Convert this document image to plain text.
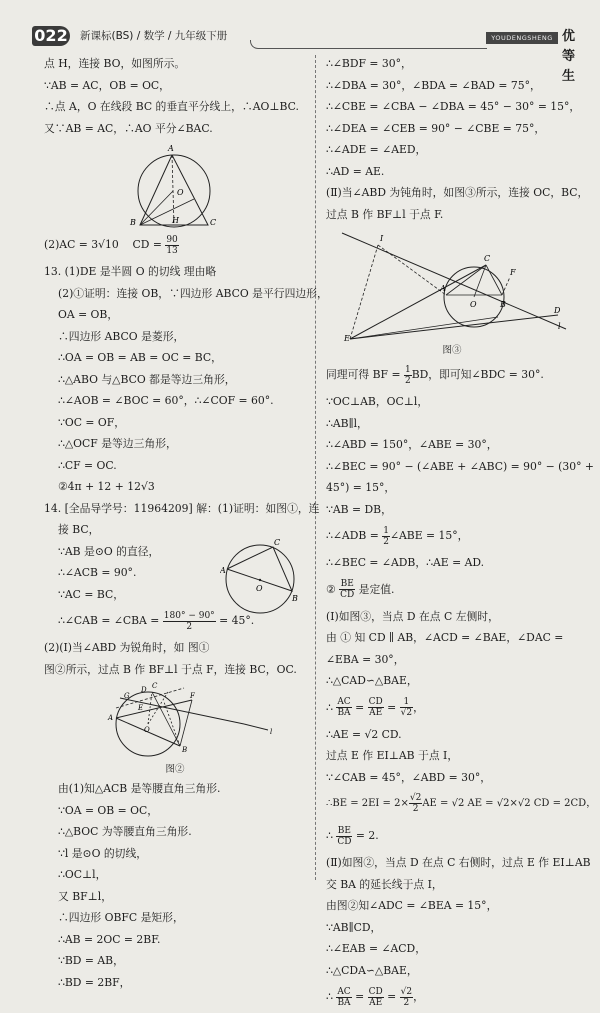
022 新课标(BS) / 数学 / 九年级下册	YOUDENGSHENG 优等生
点 H，连接 BO，如图所示。
∵AB = AC，OB = OC，
∴点 A，O 在线段 BC 的垂直平分线上，∴AO⊥BC.
又∵AB = AC，∴AO 平分∠BAC.
A
O
B	H	C
(2)AC = 3√10    CD = $\frac{90}{13}$
13. (1)DE 是半圆 O 的切线 理由略
(2)①证明：连接 OB，∵四边形 ABCO 是平行四边形，
OA = OB，
∴四边形 ABCO 是菱形，
∴OA = OB = AB = OC = BC，
∴△ABO 与△BCO 都是等边三角形，
∴∠AOB = ∠BOC = 60°，∴∠COF = 60°.
∵OC = OF，
∴△OCF 是等边三角形，
∴CF = OC.
②4π + 12 + 12√3
14. [全品导学号：11964209] 解：(1)证明：如图①，连
接 BC，
∵AB 是⊙O 的直径，
∴∠ACB = 90°.
∵AC = BC，
∴∠CAB = ∠CBA = $\frac{180^\circ - 90^\circ}{2} = 45^\circ$.
C
A
O
B
(2)(Ⅰ)当∠ABD 为锐角时，如 图①
图②所示，过点 B 作 BF⊥l 于点 F，连接 BC，OC.
G
D C
F
A
E
O
B
l
图②
由(1)知△ACB 是等腰直角三角形.
∵OA = OB = OC，
∴△BOC 为等腰直角三角形.
∵l 是⊙O 的切线，
∴OC⊥l，
又 BF⊥l，
∴四边形 OBFC 是矩形，
∴AB = 2OC = 2BF.
∵BD = AB，
∴BD = 2BF，
∴∠BDF = 30°，
∴∠DBA = 30°，∠BDA = ∠BAD = 75°，
∴∠CBE = ∠CBA − ∠DBA = 45° − 30° = 15°，
∴∠DEA = ∠CEB = 90° − ∠CBE = 75°，
∴∠ADE = ∠AED，
∴AD = AE.
(Ⅱ)当∠ABD 为钝角时，如图③所示，连接 OC，BC，
过点 B 作 BF⊥l 于点 F.
I
A
C
F
D
O	B
E
l
图③
同理可得 BF = $\frac{1}{2}$ BD，即可知∠BDC = 30°.
∵OC⊥AB，OC⊥l，
∴AB∥l，
∴∠ABD = 150°，∠ABE = 30°，
∴∠BEC = 90° − (∠ABE + ∠ABC) = 90° − (30° +
45°) = 15°，
∵AB = DB，
∴∠ADB = $\frac{1}{2}$ ∠ABE = 15°，
∴∠BEC = ∠ADB，∴AE = AD.
② $\frac{BE}{CD}$ 是定值.
(Ⅰ)如图③，当点 D 在点 C 左侧时，
由 ① 知 CD ∥ AB，∠ACD = ∠BAE，∠DAC =
∠EBA = 30°，
∴△CAD∽△BAE，
∴ $\frac{AC}{BA} = \frac{CD}{AE} = \frac{1}{√2}$ ，
∴AE = √2 CD.
过点 E 作 EI⊥AB 于点 I，
∵∠CAB = 45°，∠ABD = 30°，
∴BE = $2EI = 2\times \frac{√2}{2}$ AE = √2 AE = √2×√2 CD = 2CD，
∴ $\frac{BE}{CD} = 2$.
(Ⅱ)如图②，当点 D 在点 C 右侧时，过点 E 作 EI⊥AB
交 BA 的延长线于点 I，
由图②知∠ADC = ∠BEA = 15°，
∵AB∥CD，
∴∠EAB = ∠ACD，
∴△CDA∽△BAE，
∴ $\frac{AC}{BA} = \frac{CD}{AE} = \frac{√2}{2}$ ，
